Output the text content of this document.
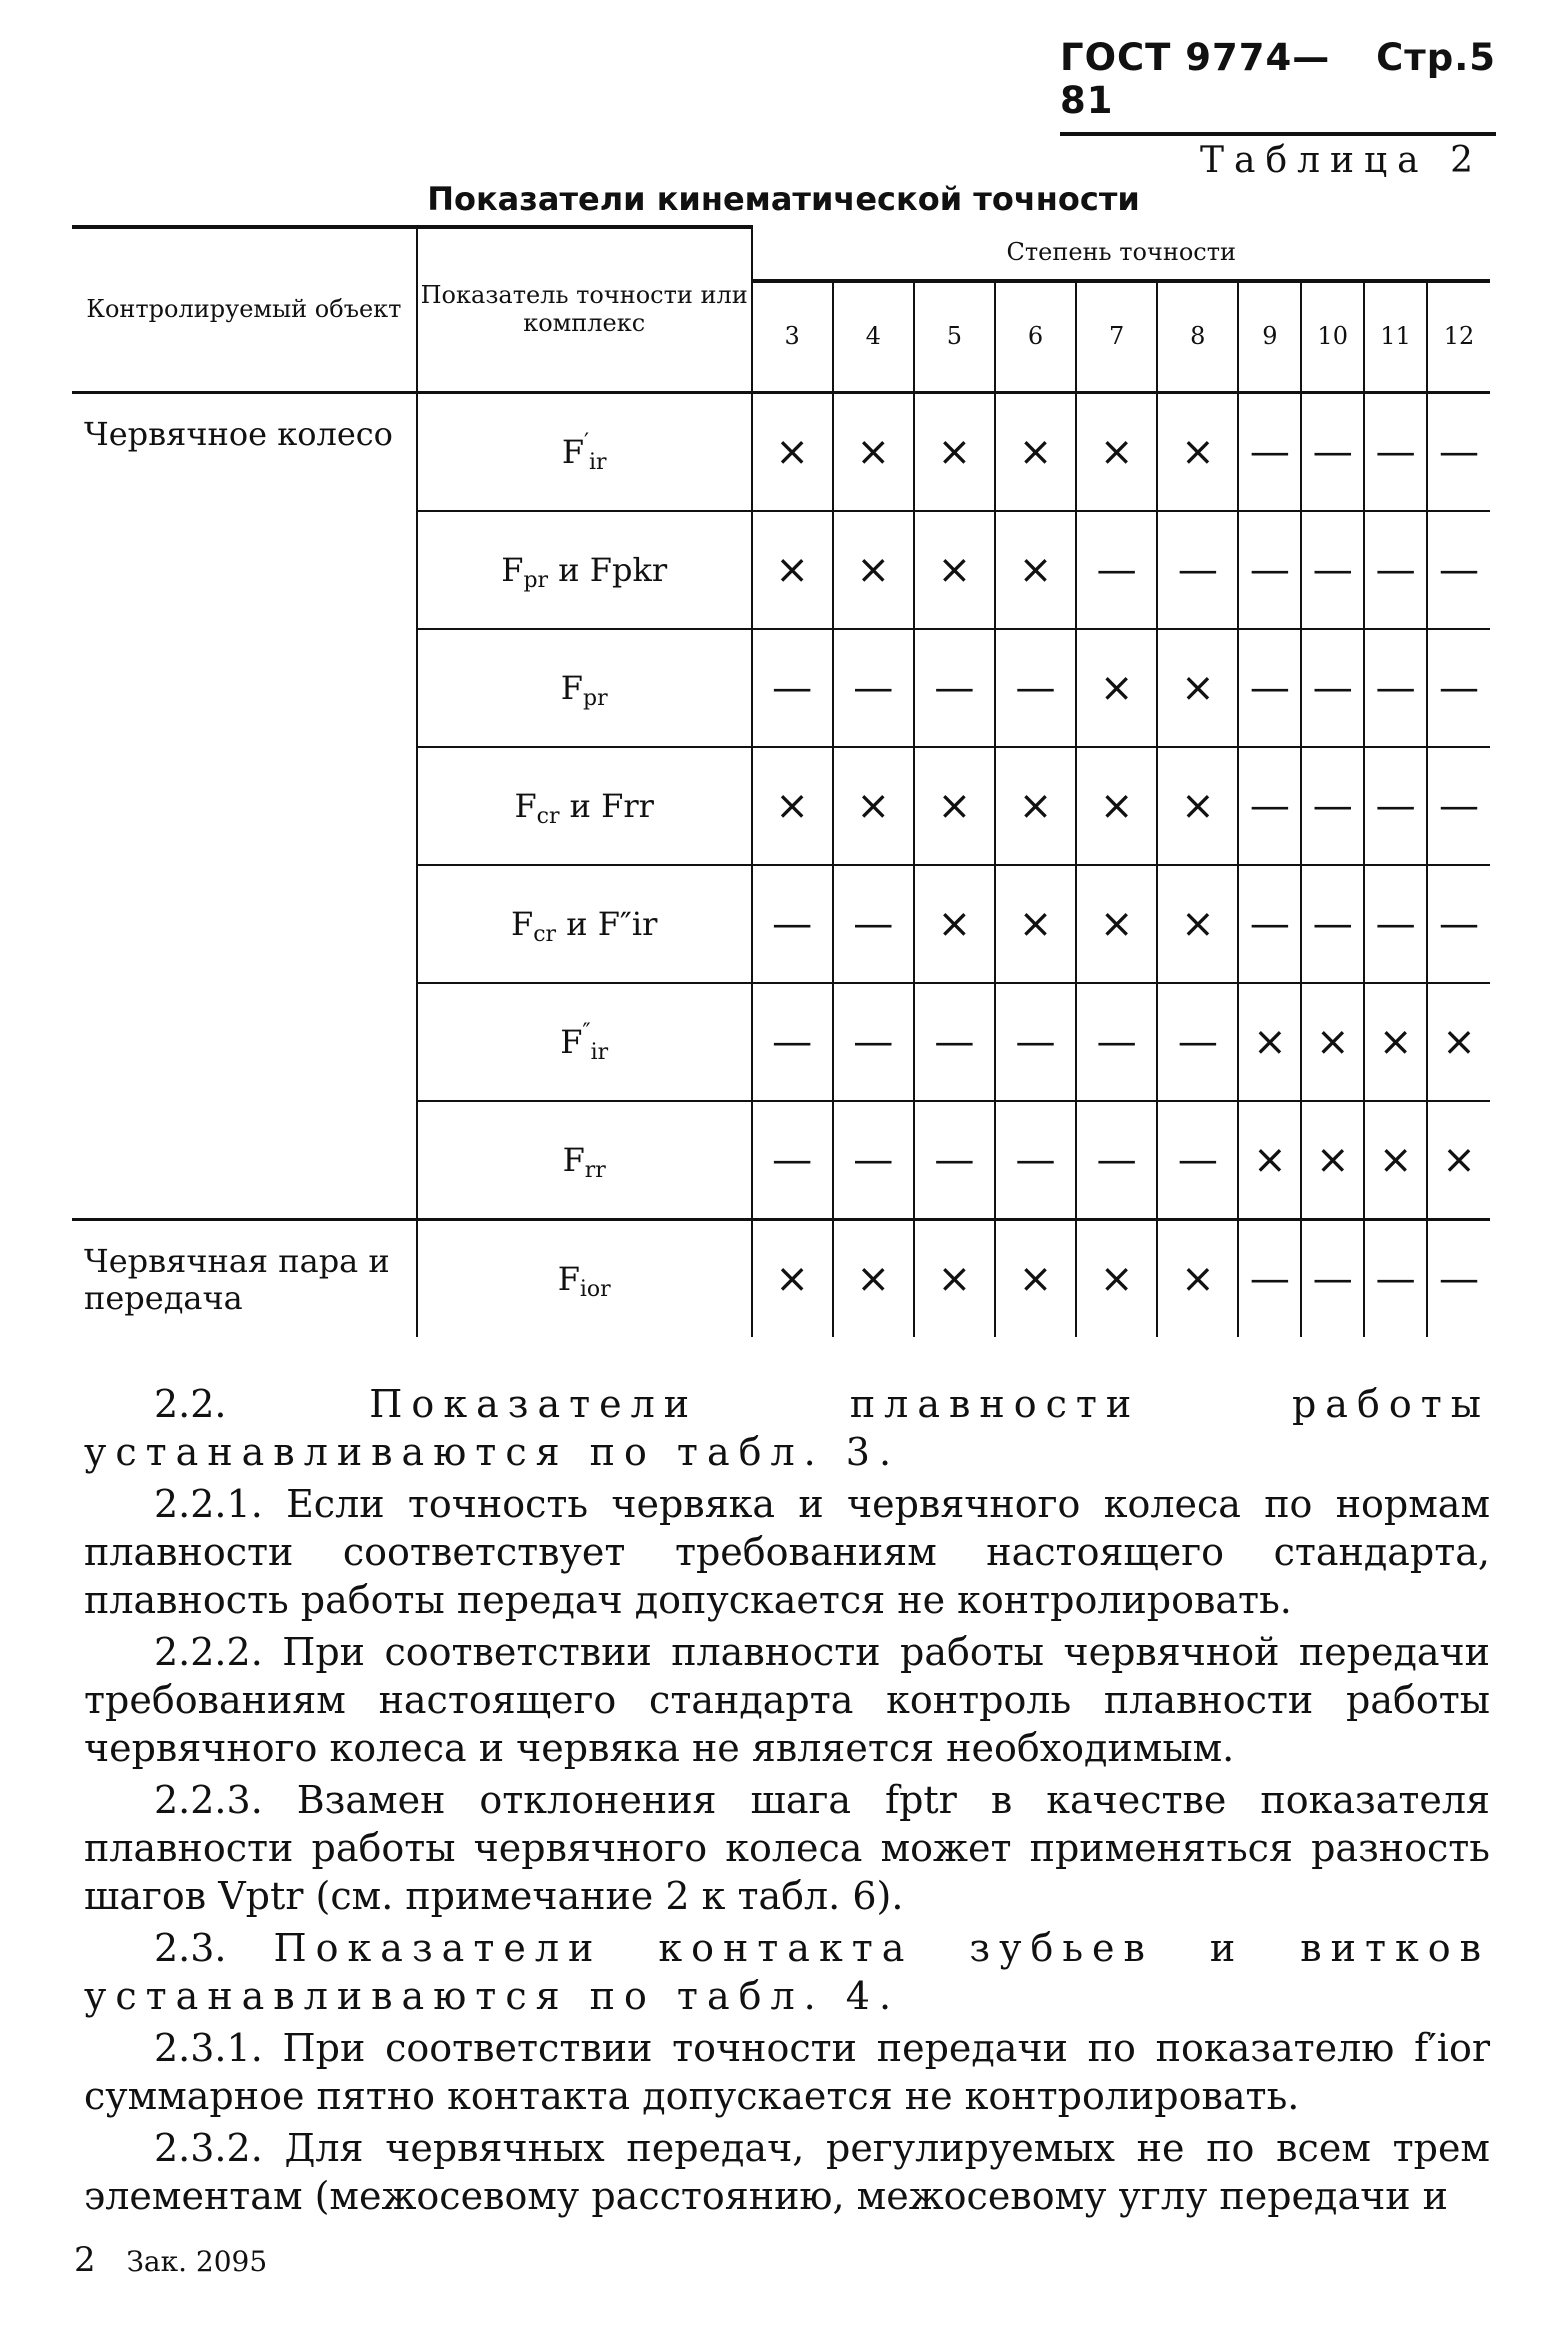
ГОСТ 9774—81
Стр. 5
Таблица 2
Показатели кинематической точности
Контролируемый объект	Показатель точности или комплекс	Степень точности									
		3	4	5	6	7	8	9	10	11	12
Червячное колесо	$F'_{ir}$	×	×	×	×	×	×	—	—	—	—
	$F_{pr}$ и Fpkr	×	×	×	×	—	—	—	—	—	—
	$F_{pr}$	—	—	—	—	×	×	—	—	—	—
	$F_{cr}$ и Frr	×	×	×	×	×	×	—	—	—	—
	$F_{cr}$ и F″ir	—	—	×	×	×	×	—	—	—	—
	$F''_{ir}$	—	—	—	—	—	—	×	×	×	×
	$F_{rr}$	—	—	—	—	—	—	×	×	×	×
Червячная пара и передача	$F_{ior}$	×	×	×	×	×	×	—	—	—	—

2.2.	Показатели плавности работы устанавливаются по табл. 3.

2.2.1. Если точность червяка и червячного колеса по нормам плавности соответствует требованиям настоящего стандарта, плавность работы передач допускается не контролировать.

2.2.2. При соответствии плавности работы червячной передачи требованиям настоящего стандарта контроль плавности работы червячного колеса и червяка не является необходимым.

2.2.3. Взамен отклонения шага fptr в качестве показателя плавности работы червячного колеса может применяться разность шагов Vptr (см. примечание 2 к табл. 6).

2.3. Показатели контакта зубьев и витков устанавливаются по табл. 4.

2.3.1. При соответствии точности передачи по показателю f′ior суммарное пятно контакта допускается не контролировать.

2.3.2. Для червячных передач, регулируемых не по всем трем элементам (межосевому расстоянию, межосевому углу передачи и

2 Зак. 2095
